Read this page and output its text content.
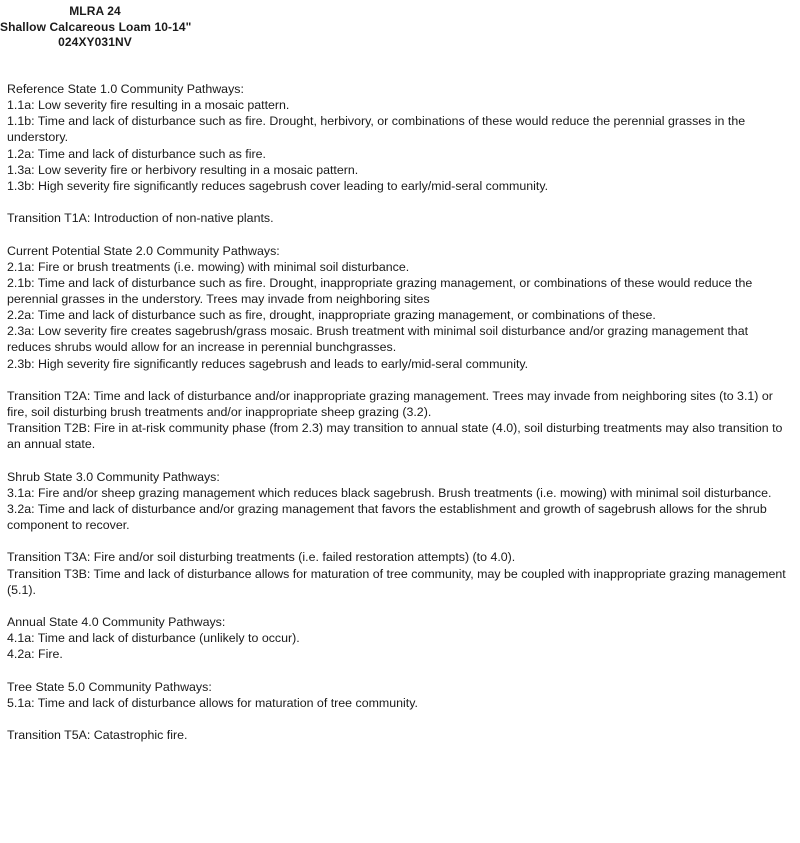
MLRA 24
Shallow Calcareous Loam 10-14"
024XY031NV
Reference State 1.0 Community Pathways:
1.1a: Low severity fire resulting in a mosaic pattern.
1.1b: Time and lack of disturbance such as fire. Drought, herbivory, or combinations of these would reduce the perennial grasses in the understory.
1.2a: Time and lack of disturbance such as fire.
1.3a: Low severity fire or herbivory resulting in a mosaic pattern.
1.3b: High severity fire significantly reduces sagebrush cover leading to early/mid-seral community.
Transition T1A: Introduction of non-native plants.
Current Potential State 2.0 Community Pathways:
2.1a: Fire or brush treatments (i.e. mowing) with minimal soil disturbance.
2.1b: Time and lack of disturbance such as fire. Drought, inappropriate grazing management, or combinations of these would reduce the perennial grasses in the understory. Trees may invade from neighboring sites
2.2a: Time and lack of disturbance such as fire, drought, inappropriate grazing management, or combinations of these.
2.3a: Low severity fire creates sagebrush/grass mosaic. Brush treatment with minimal soil disturbance and/or grazing management that reduces shrubs would allow for an increase in perennial bunchgrasses.
2.3b: High severity fire significantly reduces sagebrush and leads to early/mid-seral community.
Transition T2A: Time and lack of disturbance and/or inappropriate grazing management. Trees may invade from neighboring sites (to 3.1) or fire, soil disturbing brush treatments and/or inappropriate sheep grazing (3.2).
Transition T2B: Fire in at-risk community phase (from 2.3) may transition to annual state (4.0), soil disturbing treatments may also transition to an annual state.
Shrub State 3.0 Community Pathways:
3.1a: Fire and/or sheep grazing management which reduces black sagebrush. Brush treatments (i.e. mowing) with minimal soil disturbance.
3.2a: Time and lack of disturbance and/or grazing management that favors the establishment and growth of sagebrush allows for the shrub component to recover.
Transition T3A: Fire and/or soil disturbing treatments (i.e. failed restoration attempts) (to 4.0).
Transition T3B: Time and lack of disturbance allows for maturation of tree community, may be coupled with inappropriate grazing management (5.1).
Annual State 4.0 Community Pathways:
4.1a: Time and lack of disturbance (unlikely to occur).
4.2a: Fire.
Tree State 5.0 Community Pathways:
5.1a: Time and lack of disturbance allows for maturation of tree community.
Transition T5A: Catastrophic fire.
